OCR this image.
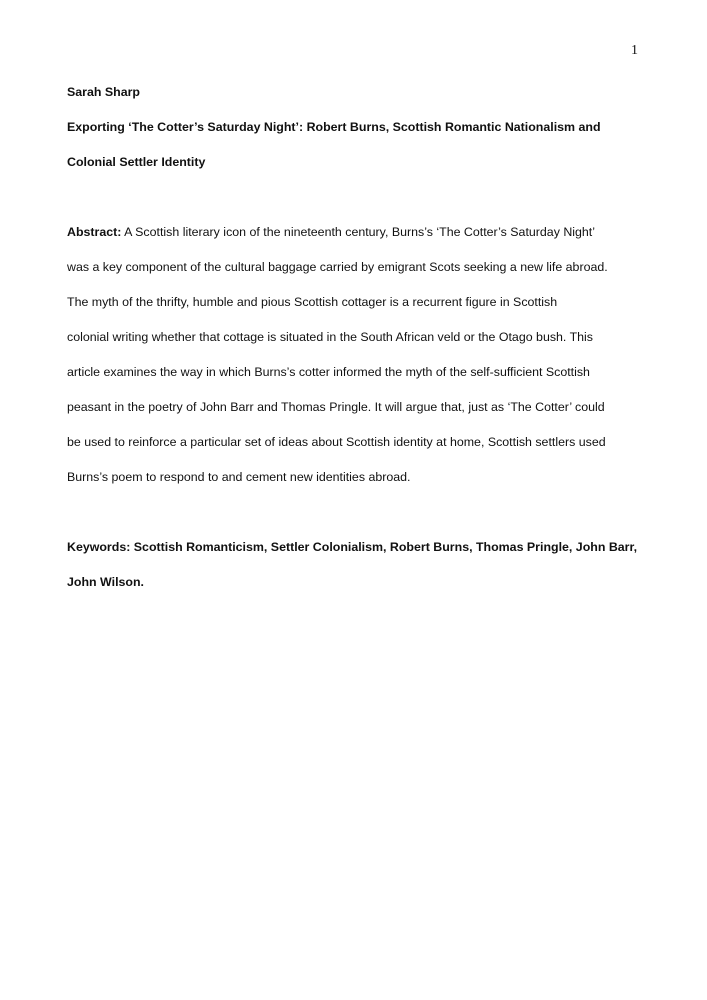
1
Sarah Sharp
Exporting ‘The Cotter’s Saturday Night’: Robert Burns, Scottish Romantic Nationalism and
Colonial Settler Identity
Abstract: A Scottish literary icon of the nineteenth century, Burns’s ‘The Cotter’s Saturday Night’
was a key component of the cultural baggage carried by emigrant Scots seeking a new life abroad.
The myth of the thrifty, humble and pious Scottish cottager is a recurrent figure in Scottish
colonial writing whether that cottage is situated in the South African veld or the Otago bush. This
article examines the way in which Burns’s cotter informed the myth of the self-sufficient Scottish
peasant in the poetry of John Barr and Thomas Pringle. It will argue that, just as ‘The Cotter’ could
be used to reinforce a particular set of ideas about Scottish identity at home, Scottish settlers used
Burns’s poem to respond to and cement new identities abroad.
Keywords: Scottish Romanticism, Settler Colonialism, Robert Burns, Thomas Pringle, John Barr,
John Wilson.
